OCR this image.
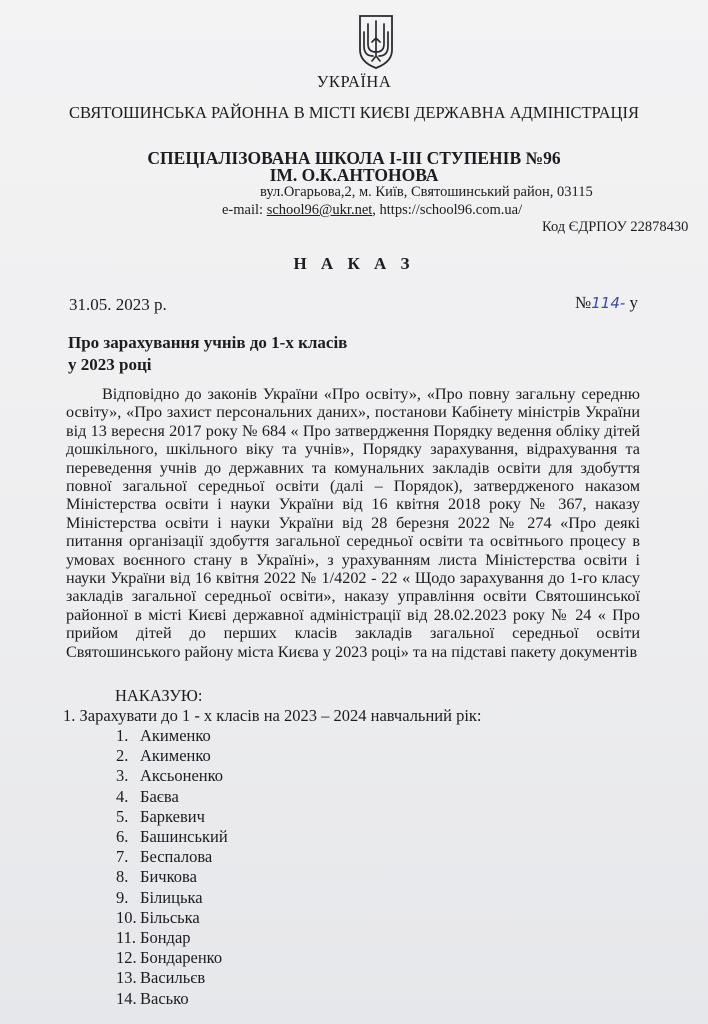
УКРАЇНА
СВЯТОШИНСЬКА РАЙОННА В МІСТІ КИЄВІ ДЕРЖАВНА АДМІНІСТРАЦІЯ
СПЕЦІАЛІЗОВАНА ШКОЛА І-ІІІ СТУПЕНІВ №96
ІМ. О.К.АНТОНОВА
вул.Огарьова,2, м. Київ, Святошинський район, 03115
e-mail: school96@ukr.net, https://school96.com.ua/
Код ЄДРПОУ 22878430
Н А К А З
31.05. 2023 р.	№114- у
Про зарахування учнів до 1-х класів
у 2023 році
Відповідно до законів України «Про освіту», «Про повну загальну середню освіту», «Про захист персональних даних», постанови Кабінету міністрів України від 13 вересня 2017 року № 684 « Про затвердження Порядку ведення обліку дітей дошкільного, шкільного віку та учнів», Порядку зарахування, відрахування та переведення учнів до державних та комунальних закладів освіти для здобуття повної загальної середньої освіти (далі – Порядок), затвердженого наказом Міністерства освіти і науки України від 16 квітня 2018 року № 367, наказу Міністерства освіти і науки України від 28 березня 2022 № 274 «Про деякі питання організації здобуття загальної середньої освіти та освітнього процесу в умовах воєнного стану в Україні», з урахуванням листа Міністерства освіти і науки України від 16 квітня 2022 № 1/4202 - 22 « Щодо зарахування до 1-го класу закладів загальної середньої освіти», наказу управління освіти Святошинської районної в місті Києві державної адміністрації від 28.02.2023 року № 24 « Про прийом дітей до перших класів закладів загальної середньої освіти Святошинського району міста Києва у 2023 році» та на підставі пакету документів
НАКАЗУЮ:
1. Зарахувати до 1 - х класів на 2023 – 2024 навчальний рік:
1. Акименко
2. Акименко
3. Аксьоненко
4. Баєва
5. Баркевич
6. Башинський
7. Беспалова
8. Бичкова
9. Білицька
10. Більська
11. Бондар
12. Бондаренко
13. Васильєв
14. Васько
